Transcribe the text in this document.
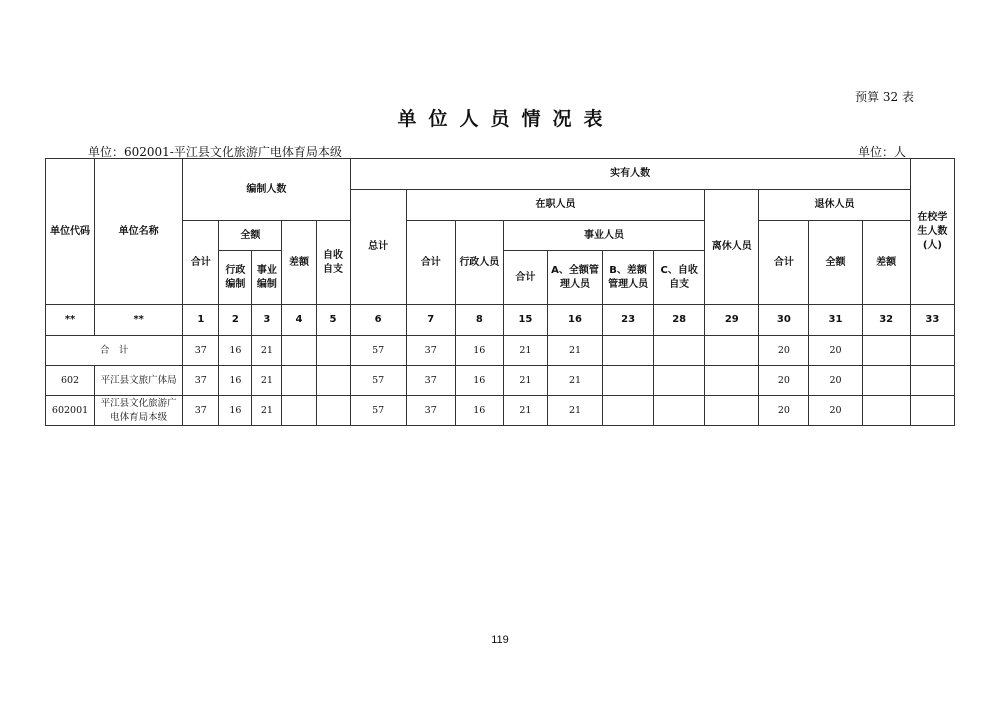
预算 32 表
单位人员情况表
单位：602001-平江县文化旅游广电体育局本级	单位：人
单位代码	单位名称	编制人数					实有人数											在校学生人数(人)
							总计	在职人员						离休人员	退休人员			
		合计	全额		差额	自收自支		合计	行政人员	事业人员					合计	全额	差额	
			行政编制	事业编制						合计	A、全额管理人员	B、差额管理人员	C、自收自支					
**	**	1	2	3	4	5	6	7	8	15	16	23	28	29	30	31	32	33
合　计		37	16	21			57	37	16	21	21				20	20		
602	平江县文旅广体局	37	16	21			57	37	16	21	21				20	20		
602001	平江县文化旅游广电体育局本级	37	16	21			57	37	16	21	21				20	20		
119
